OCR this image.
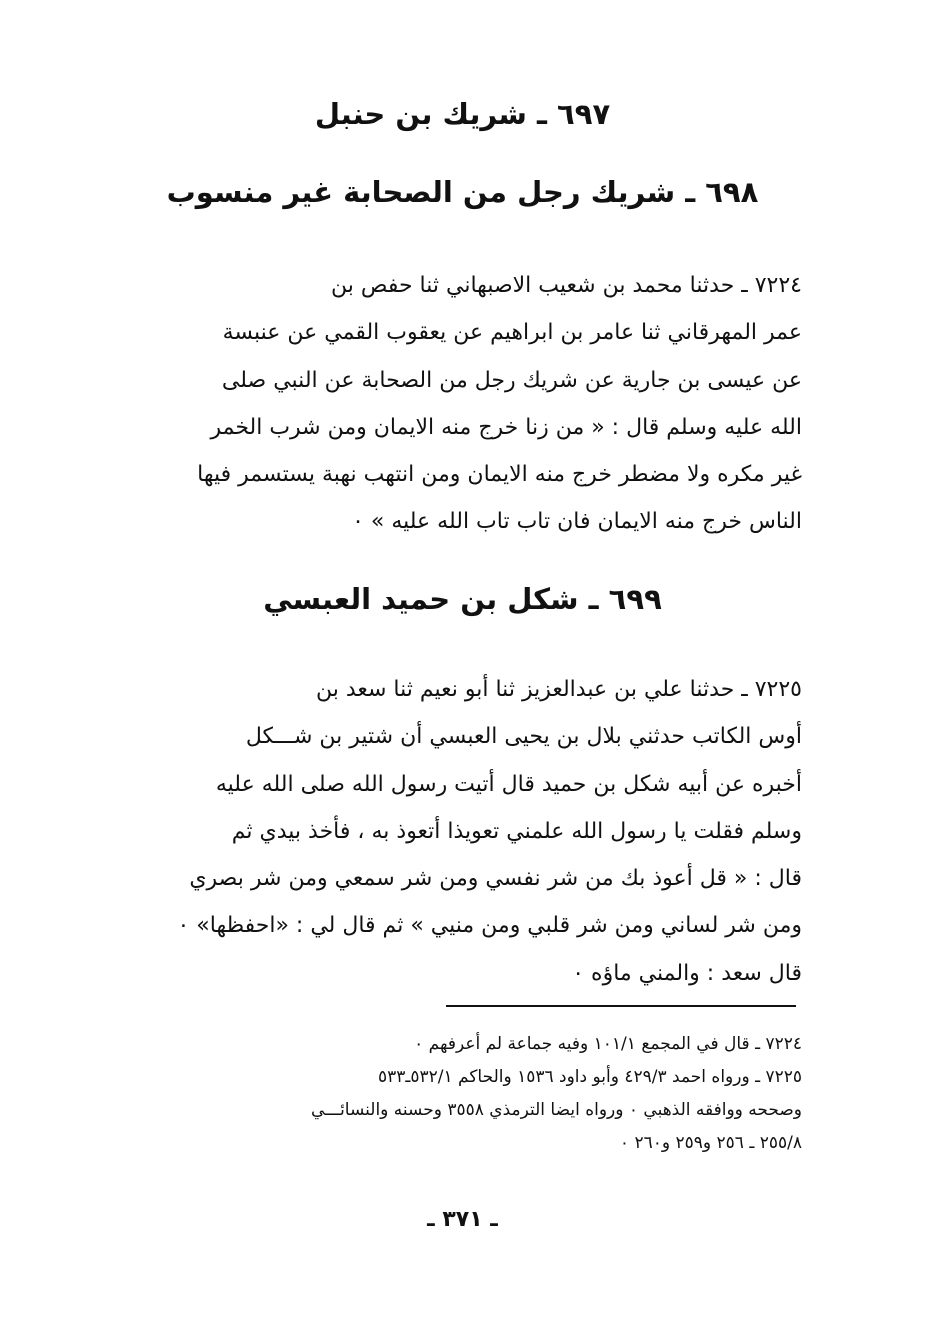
٦٩٧ ـ شريك بن حنبل
٦٩٨ ـ شريك رجل من الصحابة غير منسوب
٧٢٢٤ ـ حدثنا محمد بن شعيب الاصبهاني ثنا حفص بن
عمر المهرقاني ثنا عامر بن ابراهيم عن يعقوب القمي عن عنبسة
عن عيسى بن جارية عن شريك رجل من الصحابة عن النبي صلى
الله عليه وسلم قال : « من زنا خرج منه الايمان ومن شرب الخمر
غير مكره ولا مضطر خرج منه الايمان ومن انتهب نهبة يستسمر فيها
الناس خرج منه الايمان فان تاب تاب الله عليه » ٠
٦٩٩ ـ شكل بن حميد العبسي
٧٢٢٥ ـ حدثنا علي بن عبدالعزيز ثنا أبو نعيم ثنا سعد بن
أوس الكاتب حدثني بلال بن يحيى العبسي أن شتير بن شـــكل
أخبره عن أبيه شكل بن حميد قال أتيت رسول الله صلى الله عليه
وسلم فقلت يا رسول الله علمني تعويذا أتعوذ به ، فأخذ بيدي ثم
قال : « قل أعوذ بك من شر نفسي ومن شر سمعي ومن شر بصري
ومن شر لساني ومن شر قلبي ومن منيي » ثم قال لي : «احفظها» ٠
قال سعد : والمني ماؤه ٠
٧٢٢٤ ـ قال في المجمع ١٠١/١ وفيه جماعة لم أعرفهم ٠
٧٢٢٥ ـ ورواه احمد ٤٢٩/٣ وأبو داود ١٥٣٦ والحاكم ٥٣٢/١ـ٥٣٣
وصححه ووافقه الذهبي ٠ ورواه ايضا الترمذي ٣٥٥٨ وحسنه والنسائـــي
٢٥٥/٨ ـ ٢٥٦ و٢٥٩ و٢٦٠ ٠
ـ ٣٧١ ـ
